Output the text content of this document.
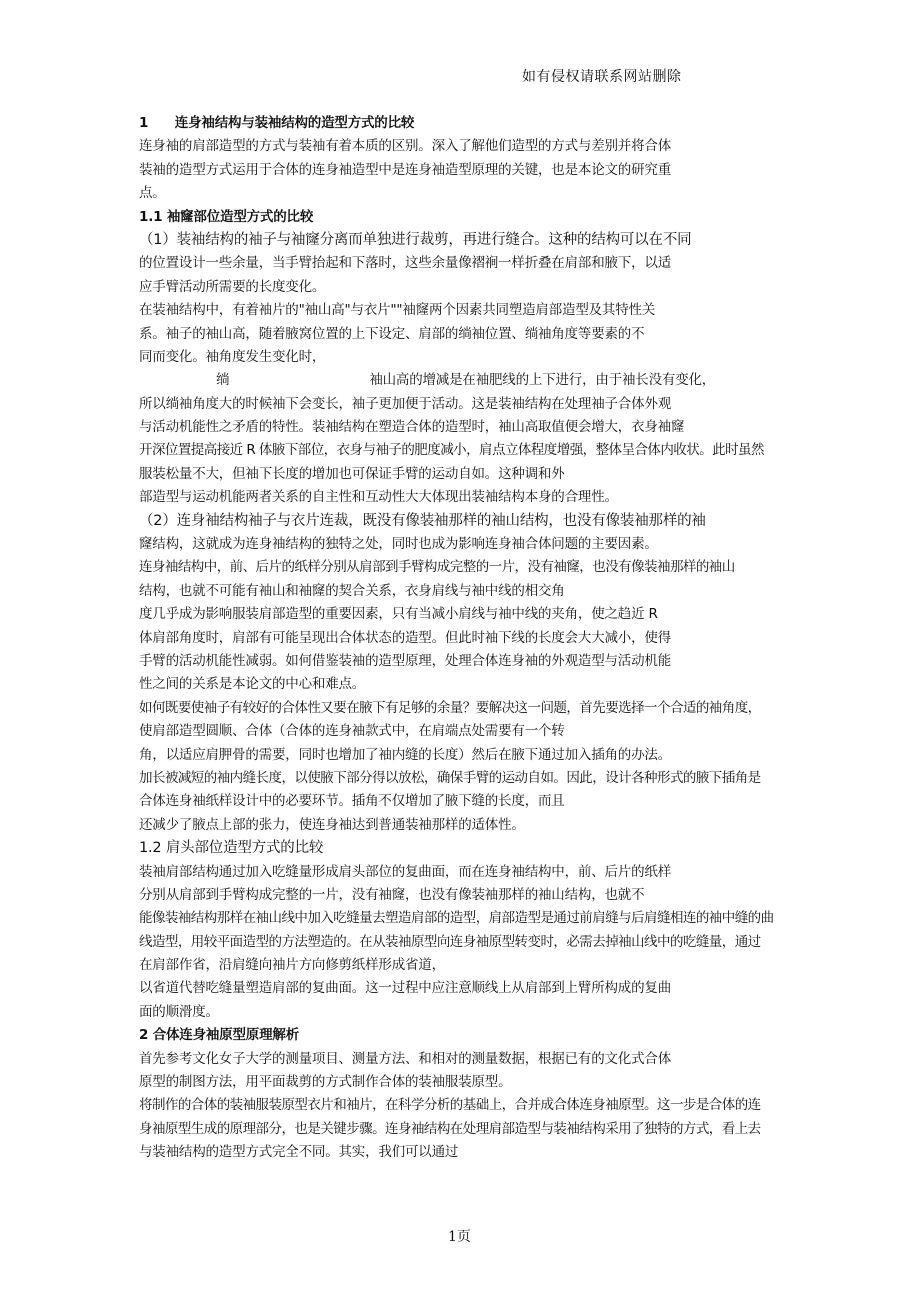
如有侵权请联系网站删除
1　　连身袖结构与装袖结构的造型方式的比较
连身袖的肩部造型的方式与装袖有着本质的区别。深入了解他们造型的方式与差别并将合体
装袖的造型方式运用于合体的连身袖造型中是连身袖造型原理的关键，也是本论文的研究重
点。
1.1 袖窿部位造型方式的比较
（1）装袖结构的袖子与袖窿分离而单独进行裁剪，再进行缝合。这种的结构可以在不同
的位置设计一些余量，当手臂抬起和下落时，这些余量像褶裥一样折叠在肩部和腋下，以适
应手臂活动所需要的长度变化。
在装袖结构中，有着袖片的"袖山高"与衣片""袖窿两个因素共同塑造肩部造型及其特性关
系。袖子的袖山高，随着腋窝位置的上下设定、肩部的绱袖位置、绱袖角度等要素的不
同而变化。袖角度发生变化时，
绱	袖山高的增减是在袖肥线的上下进行，由于袖长没有变化，
所以绱袖角度大的时候袖下会变长，袖子更加便于活动。这是装袖结构在处理袖子合体外观
与活动机能性之矛盾的特性。装袖结构在塑造合体的造型时，袖山高取值便会增大，衣身袖窿
开深位置提高接近 R 体腋下部位，衣身与袖子的肥度减小，肩点立体程度增强，整体呈合体内收状。此时虽然
服装松量不大，但袖下长度的增加也可保证手臂的运动自如。这种调和外
部造型与运动机能两者关系的自主性和互动性大大体现出装袖结构本身的合理性。
（2）连身袖结构袖子与衣片连裁，既没有像装袖那样的袖山结构，也没有像装袖那样的袖
窿结构，这就成为连身袖结构的独特之处，同时也成为影响连身袖合体问题的主要因素。
连身袖结构中，前、后片的纸样分别从肩部到手臂构成完整的一片，没有袖窿，也没有像装袖那样的袖山
结构，也就不可能有袖山和袖窿的契合关系，衣身肩线与袖中线的相交角
度几乎成为影响服装肩部造型的重要因素，只有当减小肩线与袖中线的夹角，使之趋近 R
体肩部角度时，肩部有可能呈现出合体状态的造型。但此时袖下线的长度会大大减小，使得
手臂的活动机能性减弱。如何借鉴装袖的造型原理，处理合体连身袖的外观造型与活动机能
性之间的关系是本论文的中心和难点。
如何既要使袖子有较好的合体性又要在腋下有足够的余量？要解决这一问题，首先要选择一个合适的袖角度，
使肩部造型圆顺、合体（合体的连身袖款式中，在肩端点处需要有一个转
角，以适应肩胛骨的需要，同时也增加了袖内缝的长度）然后在腋下通过加入插角的办法。
加长被减短的袖内缝长度，以使腋下部分得以放松，确保手臂的运动自如。因此，设计各种形式的腋下插角是
合体连身袖纸样设计中的必要环节。插角不仅增加了腋下缝的长度，而且
还减少了腋点上部的张力，使连身袖达到普通装袖那样的适体性。
1.2 肩头部位造型方式的比较
装袖肩部结构通过加入吃缝量形成肩头部位的复曲面，而在连身袖结构中，前、后片的纸样
分别从肩部到手臂构成完整的一片，没有袖窿，也没有像装袖那样的袖山结构，也就不
能像装袖结构那样在袖山线中加入吃缝量去塑造肩部的造型，肩部造型是通过前肩缝与后肩缝相连的袖中缝的曲
线造型，用较平面造型的方法塑造的。在从装袖原型向连身袖原型转变时，必需去掉袖山线中的吃缝量，通过
在肩部作省，沿肩缝向袖片方向修剪纸样形成省道，
以省道代替吃缝量塑造肩部的复曲面。这一过程中应注意顺线上从肩部到上臂所构成的复曲
面的顺滑度。
2 合体连身袖原型原理解析
首先参考文化女子大学的测量项目、测量方法、和相对的测量数据，根据已有的文化式合体
原型的制图方法，用平面裁剪的方式制作合体的装袖服装原型。
将制作的合体的装袖服装原型衣片和袖片，在科学分析的基础上，合并成合体连身袖原型。这一步是合体的连
身袖原型生成的原理部分，也是关键步骤。连身袖结构在处理肩部造型与装袖结构采用了独特的方式，看上去
与装袖结构的造型方式完全不同。其实，我们可以通过
1页
